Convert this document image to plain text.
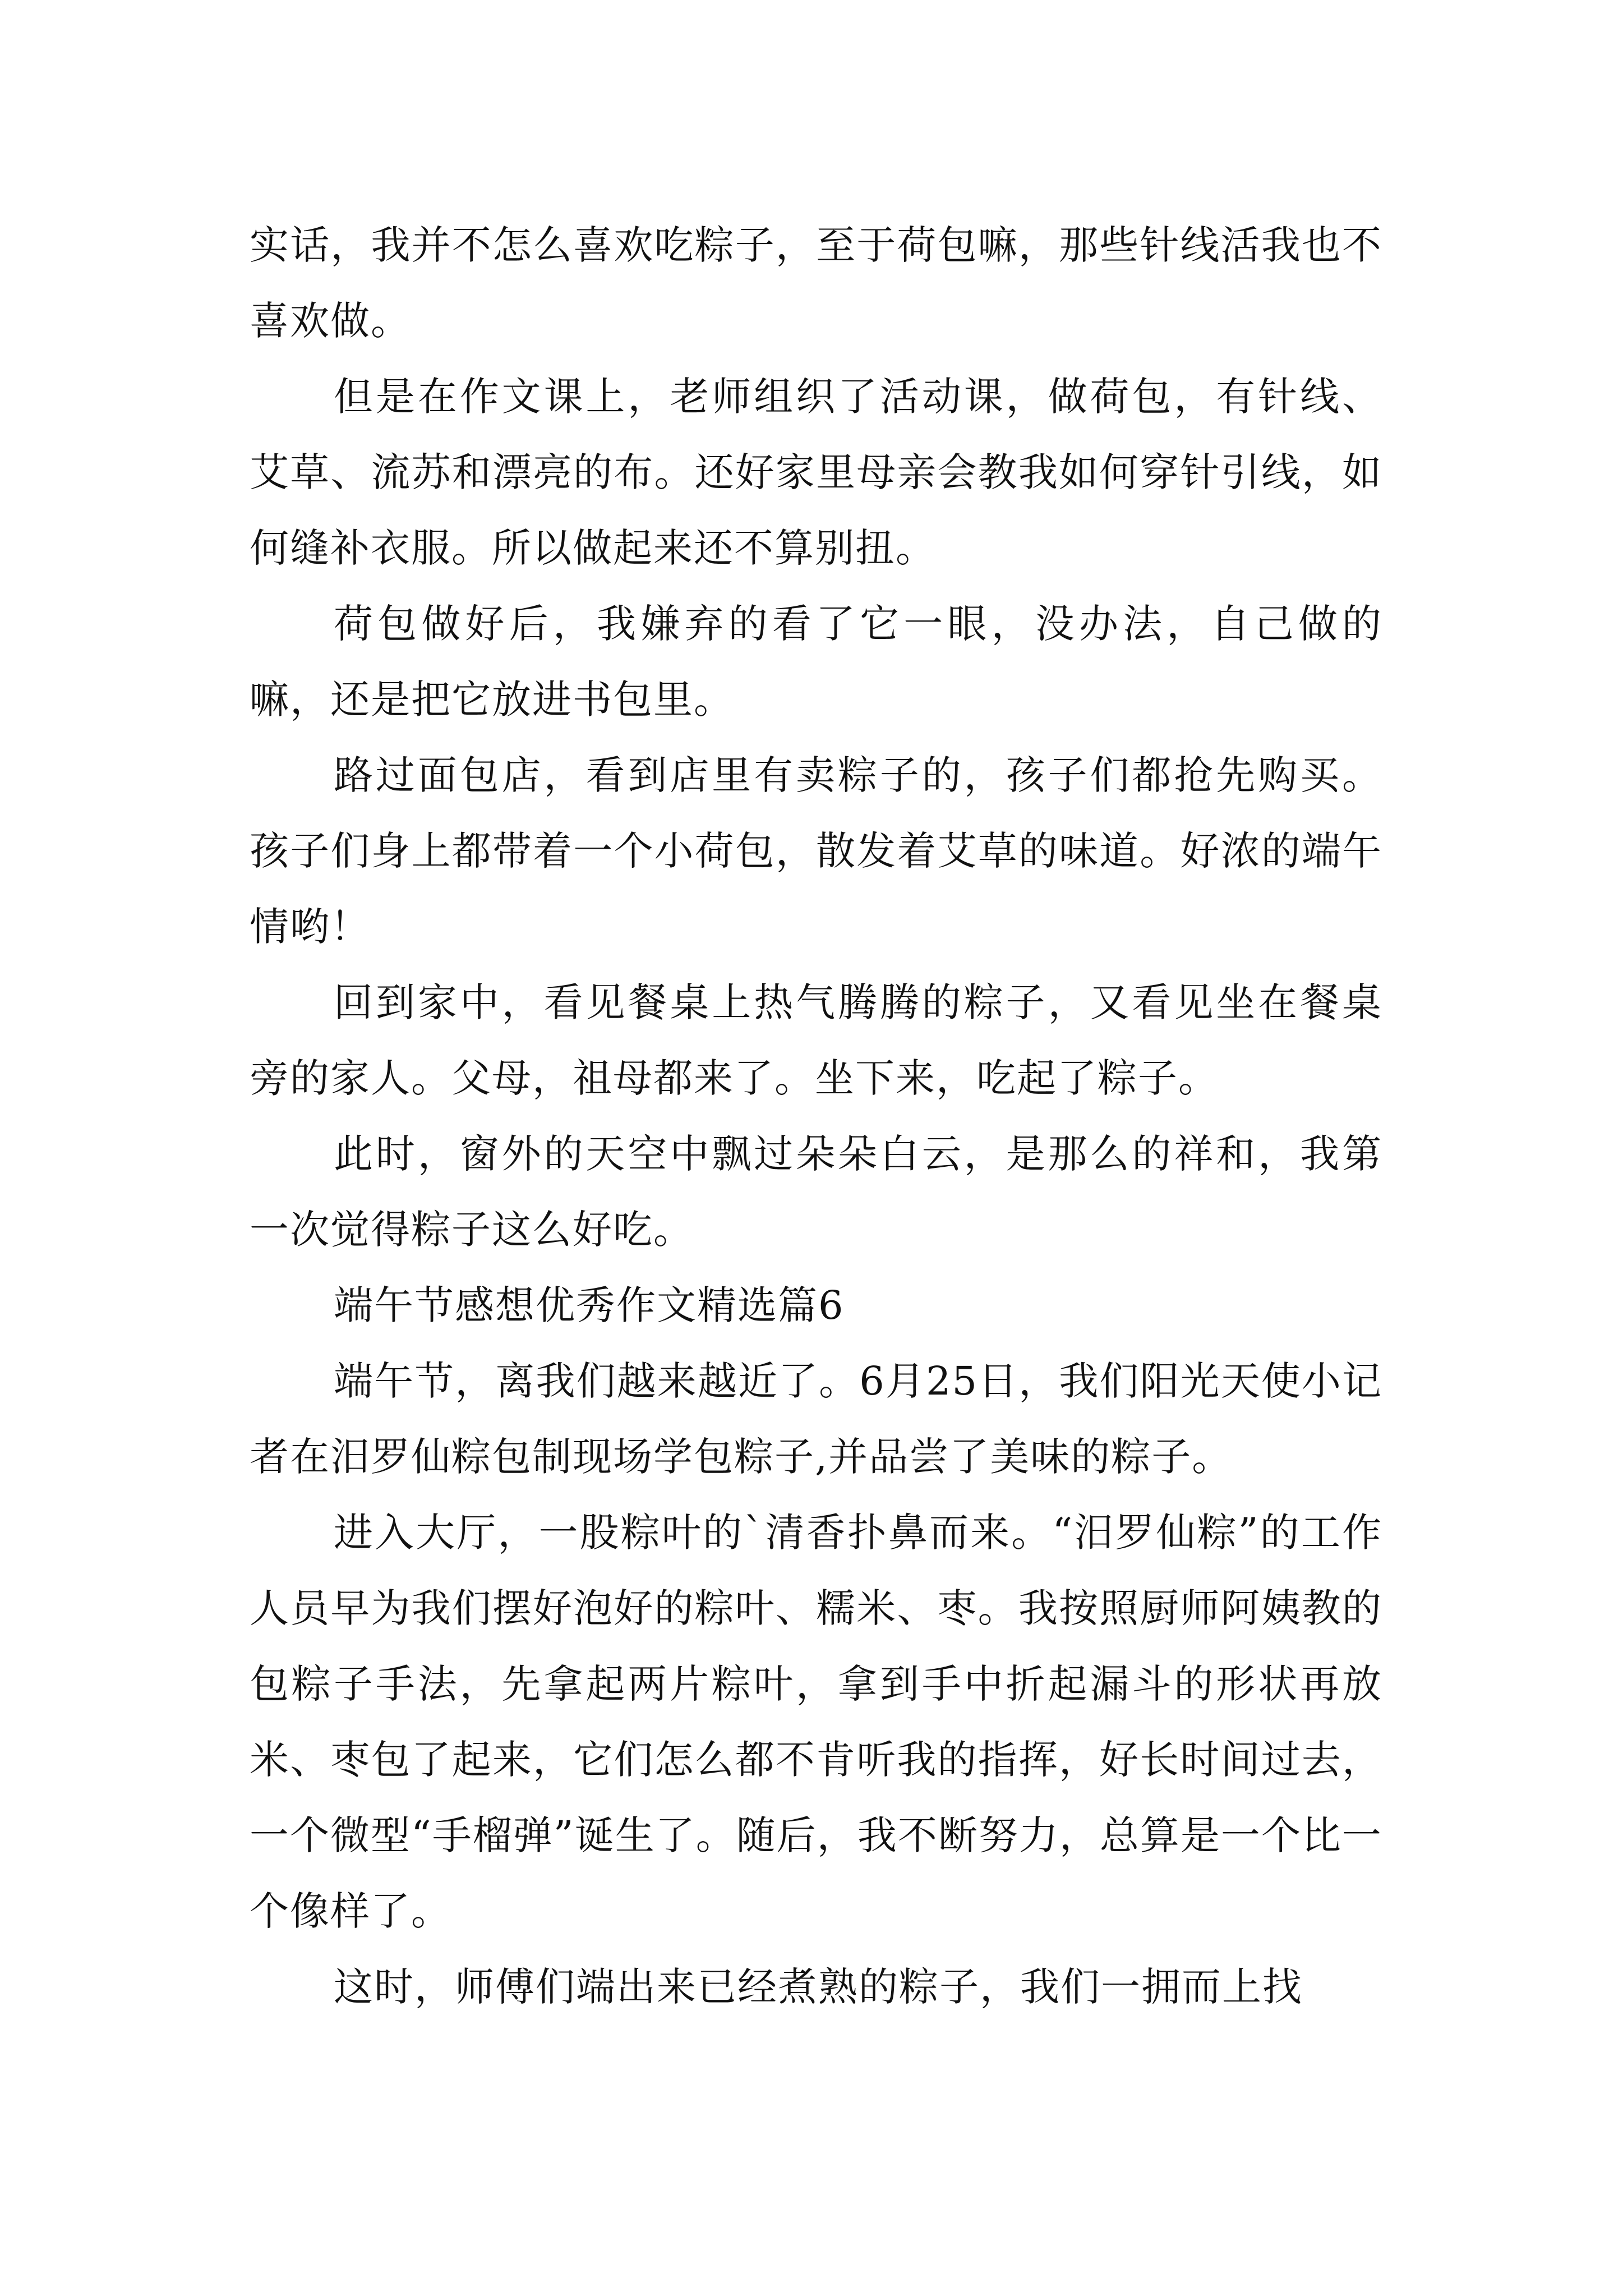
实话，我并不怎么喜欢吃粽子，至于荷包嘛，那些针线活我也不喜欢做。

但是在作文课上，老师组织了活动课，做荷包，有针线、艾草、流苏和漂亮的布。还好家里母亲会教我如何穿针引线，如何缝补衣服。所以做起来还不算别扭。

荷包做好后，我嫌弃的看了它一眼，没办法，自己做的嘛，还是把它放进书包里。

路过面包店，看到店里有卖粽子的，孩子们都抢先购买。孩子们身上都带着一个小荷包，散发着艾草的味道。好浓的端午情哟！

回到家中，看见餐桌上热气腾腾的粽子，又看见坐在餐桌旁的家人。父母，祖母都来了。坐下来，吃起了粽子。

此时，窗外的天空中飘过朵朵白云，是那么的祥和，我第一次觉得粽子这么好吃。

端午节感想优秀作文精选篇6

端午节，离我们越来越近了。6月25日，我们阳光天使小记者在汨罗仙粽包制现场学包粽子,并品尝了美味的粽子。

进入大厅，一股粽叶的`清香扑鼻而来。“汨罗仙粽”的工作人员早为我们摆好泡好的粽叶、糯米、枣。我按照厨师阿姨教的包粽子手法，先拿起两片粽叶，拿到手中折起漏斗的形状再放米、枣包了起来，它们怎么都不肯听我的指挥，好长时间过去，一个微型“手榴弹”诞生了。随后，我不断努力，总算是一个比一个像样了。

这时，师傅们端出来已经煮熟的粽子，我们一拥而上找
